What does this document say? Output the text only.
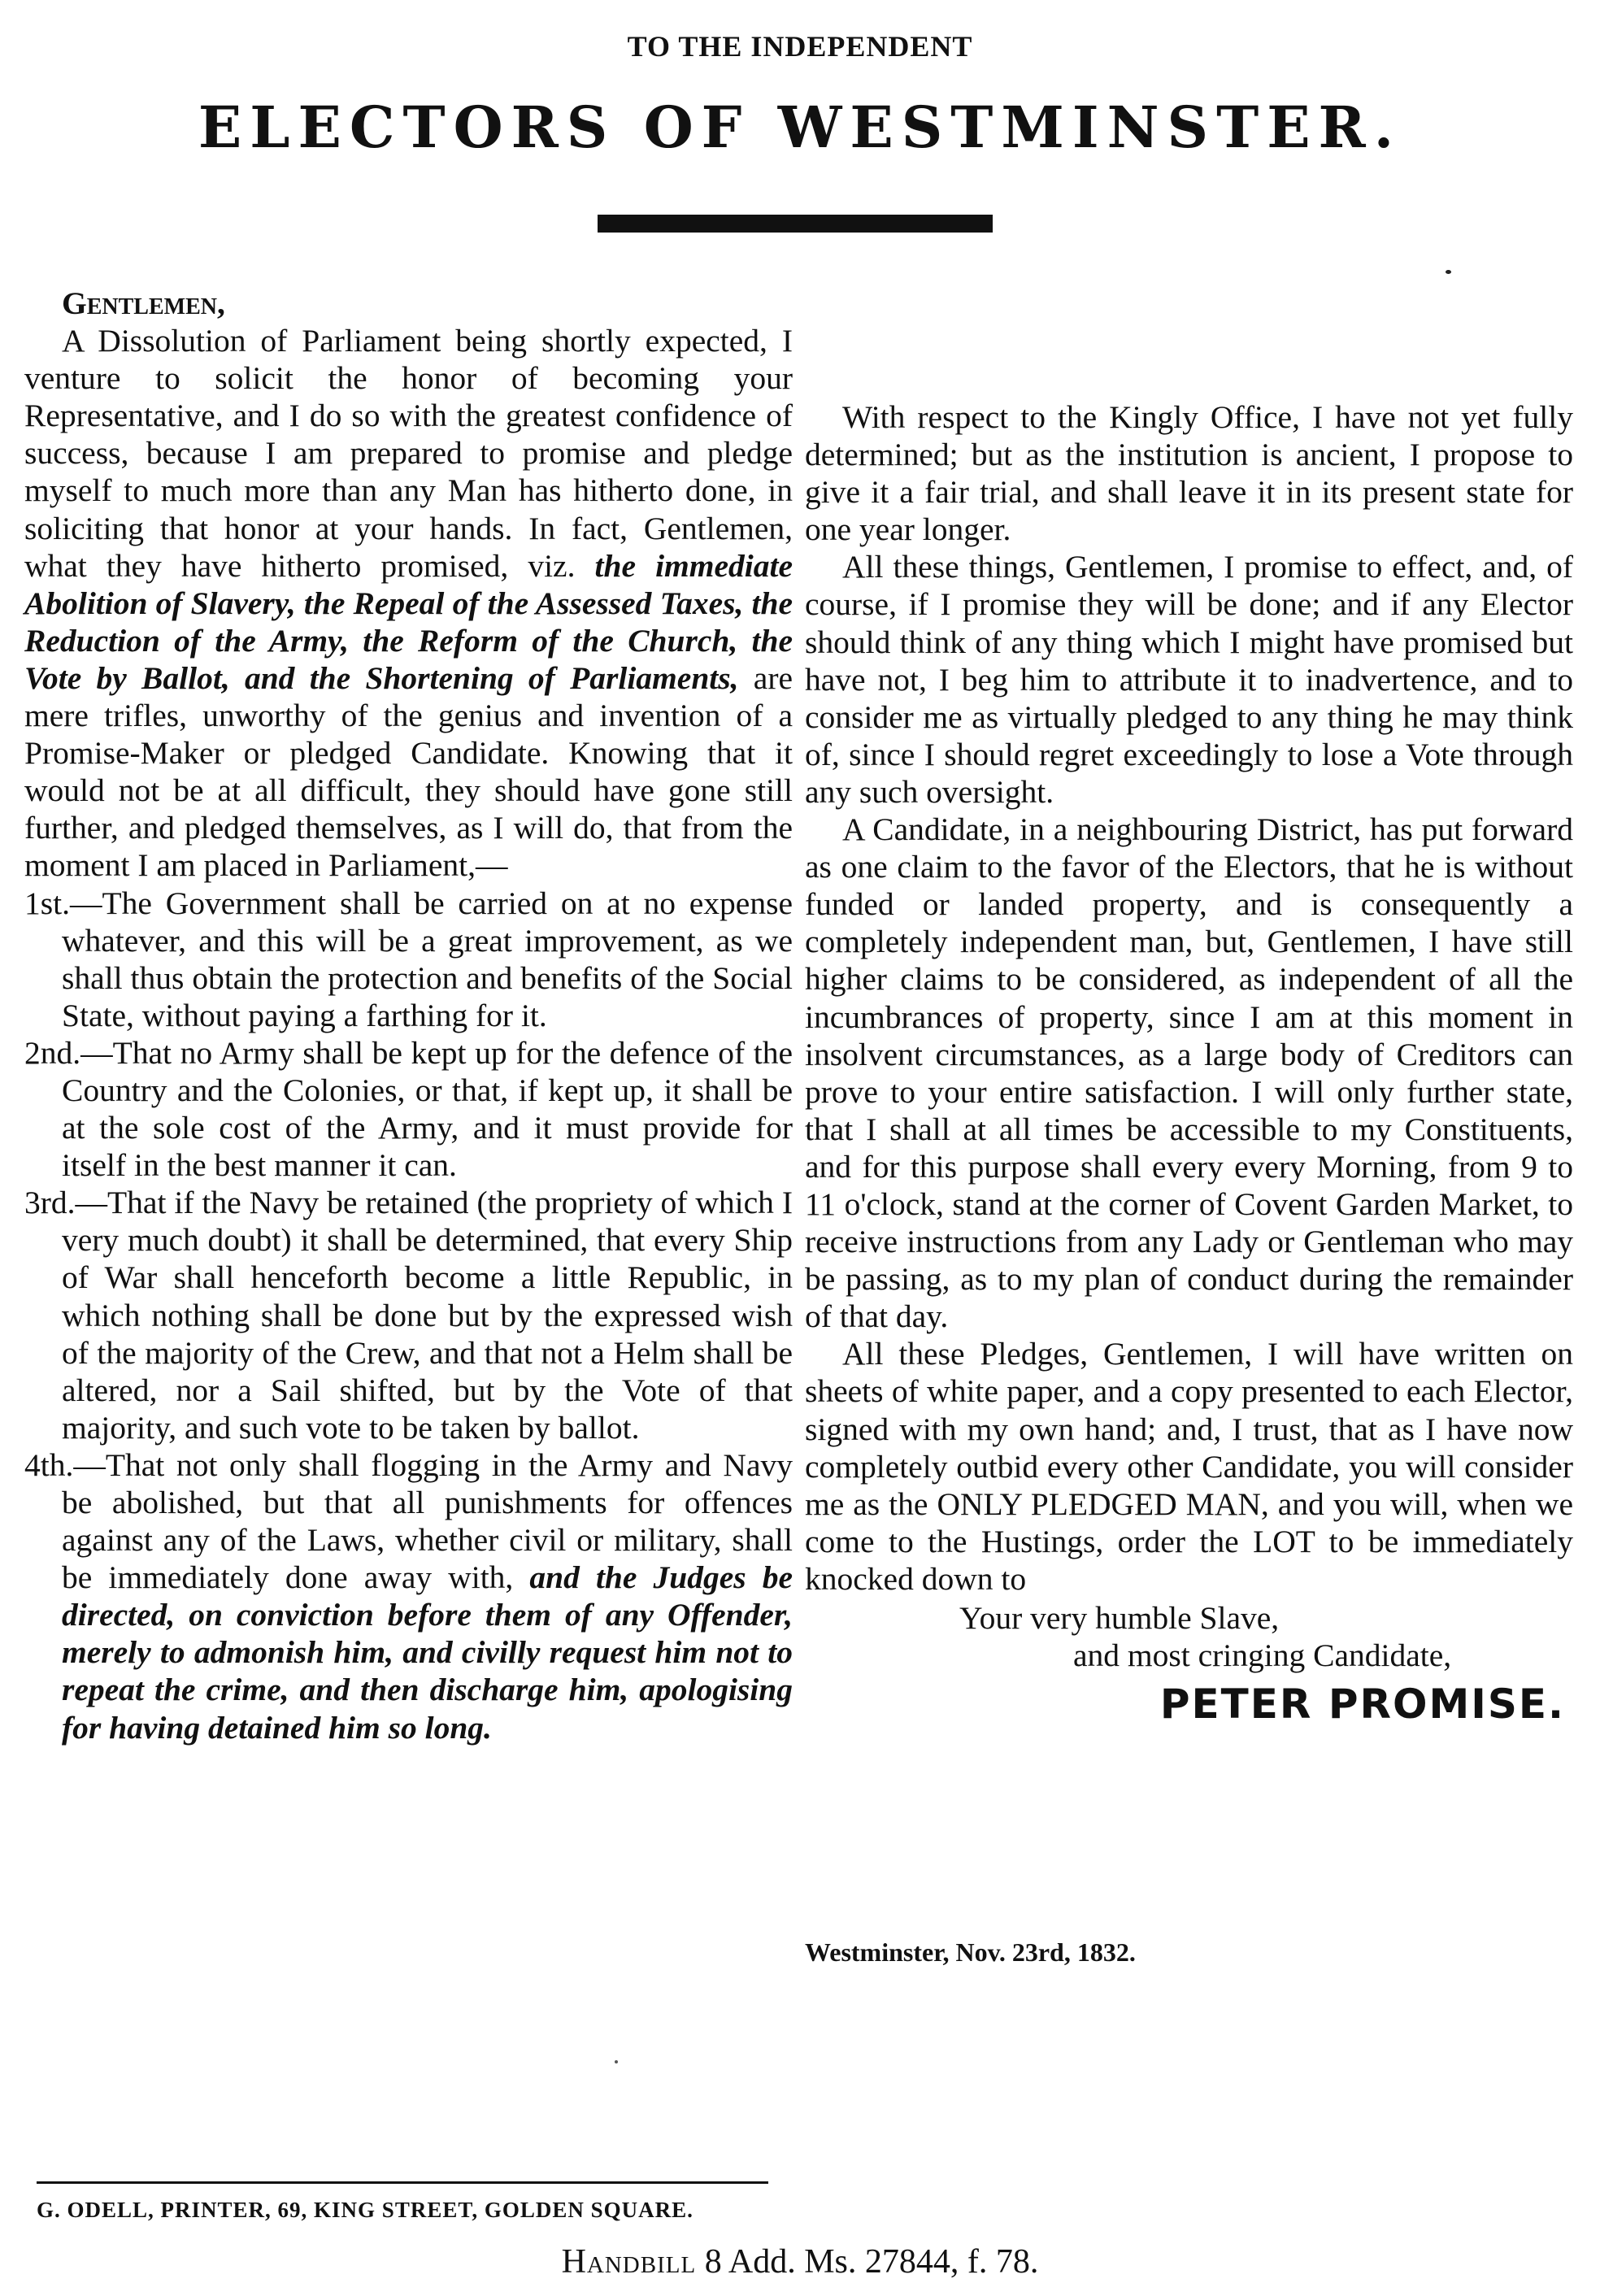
TO THE INDEPENDENT
ELECTORS OF WESTMINSTER.

Gentlemen,

A Dissolution of Parliament being shortly expected, I venture to solicit the honor of becoming your Representative, and I do so with the greatest confidence of success, because I am prepared to promise and pledge myself to much more than any Man has hitherto done, in soliciting that honor at your hands. In fact, Gentlemen, what they have hitherto promised, viz. the immediate Abolition of Slavery, the Repeal of the Assessed Taxes, the Reduction of the Army, the Reform of the Church, the Vote by Ballot, and the Shortening of Parliaments, are mere trifles, unworthy of the genius and invention of a Promise-Maker or pledged Candidate. Knowing that it would not be at all difficult, they should have gone still further, and pledged themselves, as I will do, that from the moment I am placed in Parliament,—

1st.—The Government shall be carried on at no expense whatever, and this will be a great improvement, as we shall thus obtain the protection and benefits of the Social State, without paying a farthing for it.

2nd.—That no Army shall be kept up for the defence of the Country and the Colonies, or that, if kept up, it shall be at the sole cost of the Army, and it must provide for itself in the best manner it can.

3rd.—That if the Navy be retained (the propriety of which I very much doubt) it shall be determined, that every Ship of War shall henceforth become a little Republic, in which nothing shall be done but by the expressed wish of the majority of the Crew, and that not a Helm shall be altered, nor a Sail shifted, but by the Vote of that majority, and such vote to be taken by ballot.

4th.—That not only shall flogging in the Army and Navy be abolished, but that all punishments for offences against any of the Laws, whether civil or military, shall be immediately done away with, and the Judges be directed, on conviction before them of any Offender, merely to admonish him, and civilly request him not to repeat the crime, and then discharge him, apologising for having detained him so long.

With respect to the Kingly Office, I have not yet fully determined; but as the institution is ancient, I propose to give it a fair trial, and shall leave it in its present state for one year longer.

All these things, Gentlemen, I promise to effect, and, of course, if I promise they will be done; and if any Elector should think of any thing which I might have promised but have not, I beg him to attribute it to inadvertence, and to consider me as virtually pledged to any thing he may think of, since I should regret exceedingly to lose a Vote through any such oversight.

A Candidate, in a neighbouring District, has put forward as one claim to the favor of the Electors, that he is without funded or landed property, and is consequently a completely independent man, but, Gentlemen, I have still higher claims to be considered, as independent of all the incumbrances of property, since I am at this moment in insolvent circumstances, as a large body of Creditors can prove to your entire satisfaction. I will only further state, that I shall at all times be accessible to my Constituents, and for this purpose shall every every Morning, from 9 to 11 o'clock, stand at the corner of Covent Garden Market, to receive instructions from any Lady or Gentleman who may be passing, as to my plan of conduct during the remainder of that day.

All these Pledges, Gentlemen, I will have written on sheets of white paper, and a copy presented to each Elector, signed with my own hand; and, I trust, that as I have now completely outbid every other Candidate, you will consider me as the ONLY PLEDGED MAN, and you will, when we come to the Hustings, order the LOT to be immediately knocked down to

Your very humble Slave,

and most cringing Candidate,

PETER PROMISE.

Westminster, Nov. 23rd, 1832.
G. ODELL, PRINTER, 69, KING STREET, GOLDEN SQUARE.
Handbill 8 Add. Ms. 27844, f. 78.
